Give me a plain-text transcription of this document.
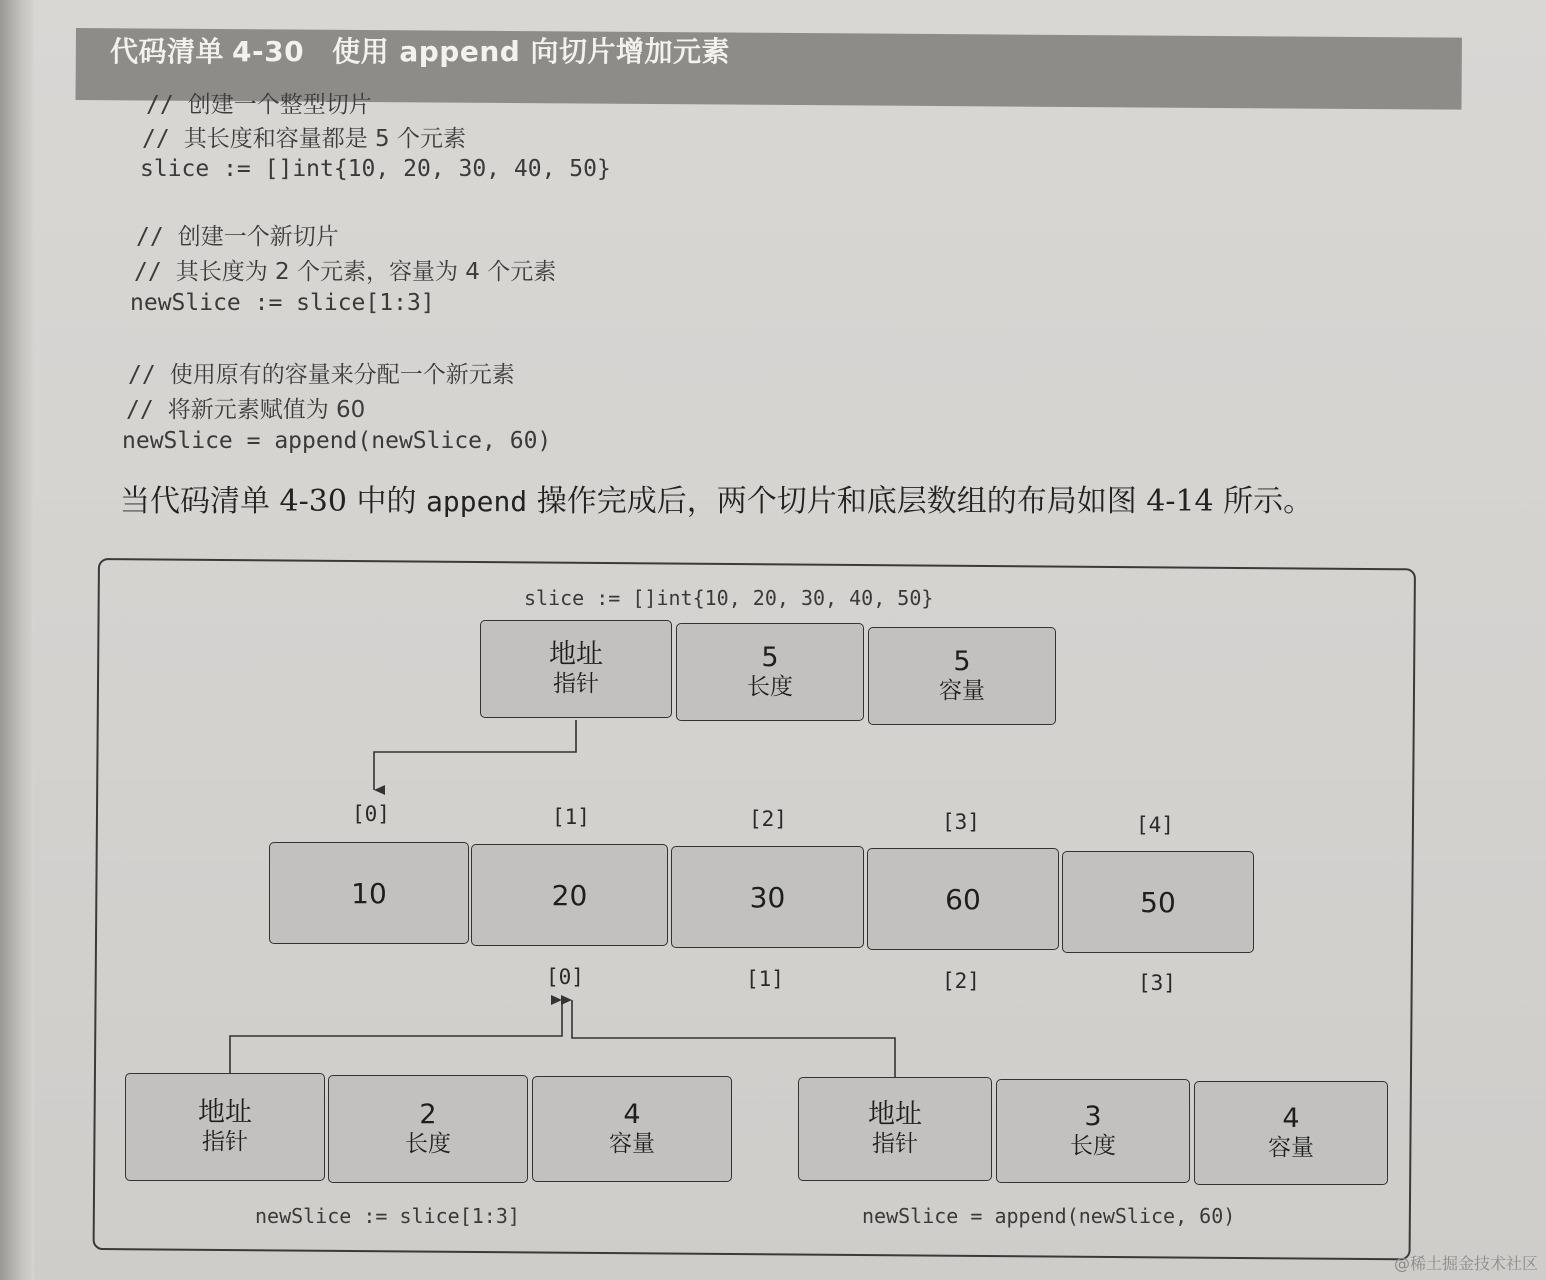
代码清单 4-30 使用 append 向切片增加元素
// 创建一个整型切片
// 其长度和容量都是 5 个元素
slice := []int{10, 20, 30, 40, 50}
// 创建一个新切片
// 其长度为 2 个元素，容量为 4 个元素
newSlice := slice[1:3]
// 使用原有的容量来分配一个新元素
// 将新元素赋值为 60
newSlice = append(newSlice, 60)
当代码清单 4-30 中的 append 操作完成后，两个切片和底层数组的布局如图 4-14 所示。
slice := []int{10, 20, 30, 40, 50}
地址
指针
5
长度
5
容量
[0]	[1]	[2]	[3]	[4]
10	20	30	60	50
[0]	[1]	[2]	[3]
地址
指针
2
长度
4
容量
地址
指针
3
长度
4
容量
newSlice := slice[1:3]	newSlice = append(newSlice, 60)
@稀土掘金技术社区
